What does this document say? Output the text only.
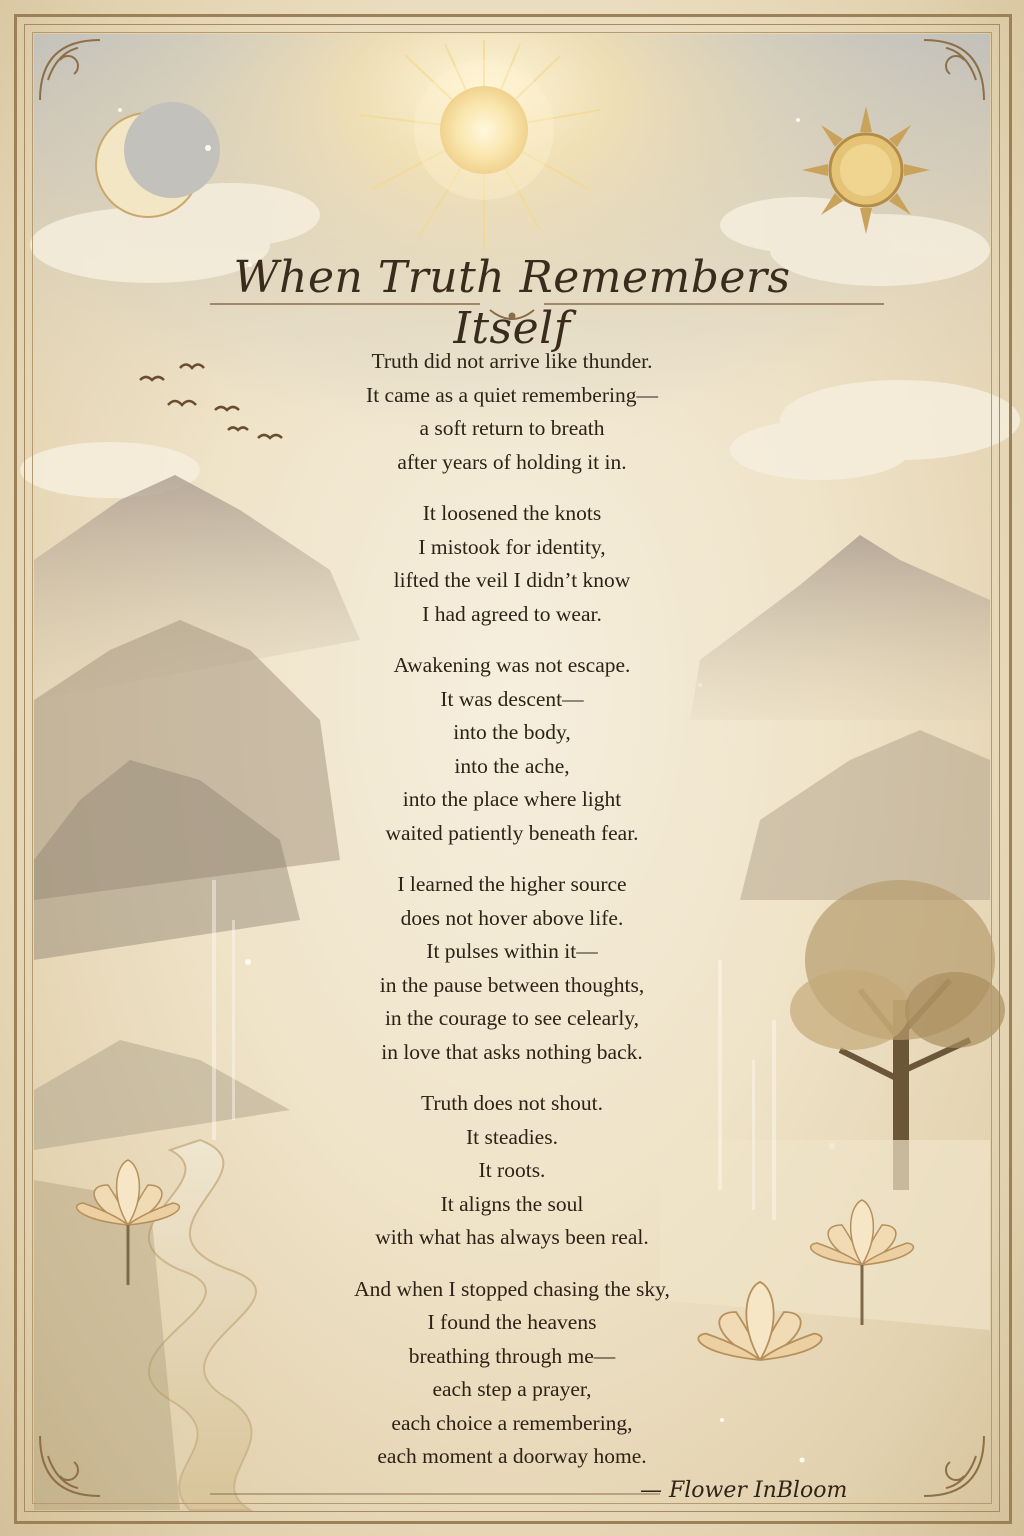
When Truth Remembers Itself
Truth did not arrive like thunder.
It came as a quiet remembering—
a soft return to breath
after years of holding it in.
It loosened the knots
I mistook for identity,
lifted the veil I didn’t know
I had agreed to wear.
Awakening was not escape.
It was descent—
into the body,
into the ache,
into the place where light
waited patiently beneath fear.
I learned the higher source
does not hover above life.
It pulses within it—
in the pause between thoughts,
in the courage to see celearly,
in love that asks nothing back.
Truth does not shout.
It steadies.
It roots.
It aligns the soul
with what has always been real.
And when I stopped chasing the sky,
I found the heavens
breathing through me—
each step a prayer,
each choice a remembering,
each moment a doorway home.
— Flower InBloom
